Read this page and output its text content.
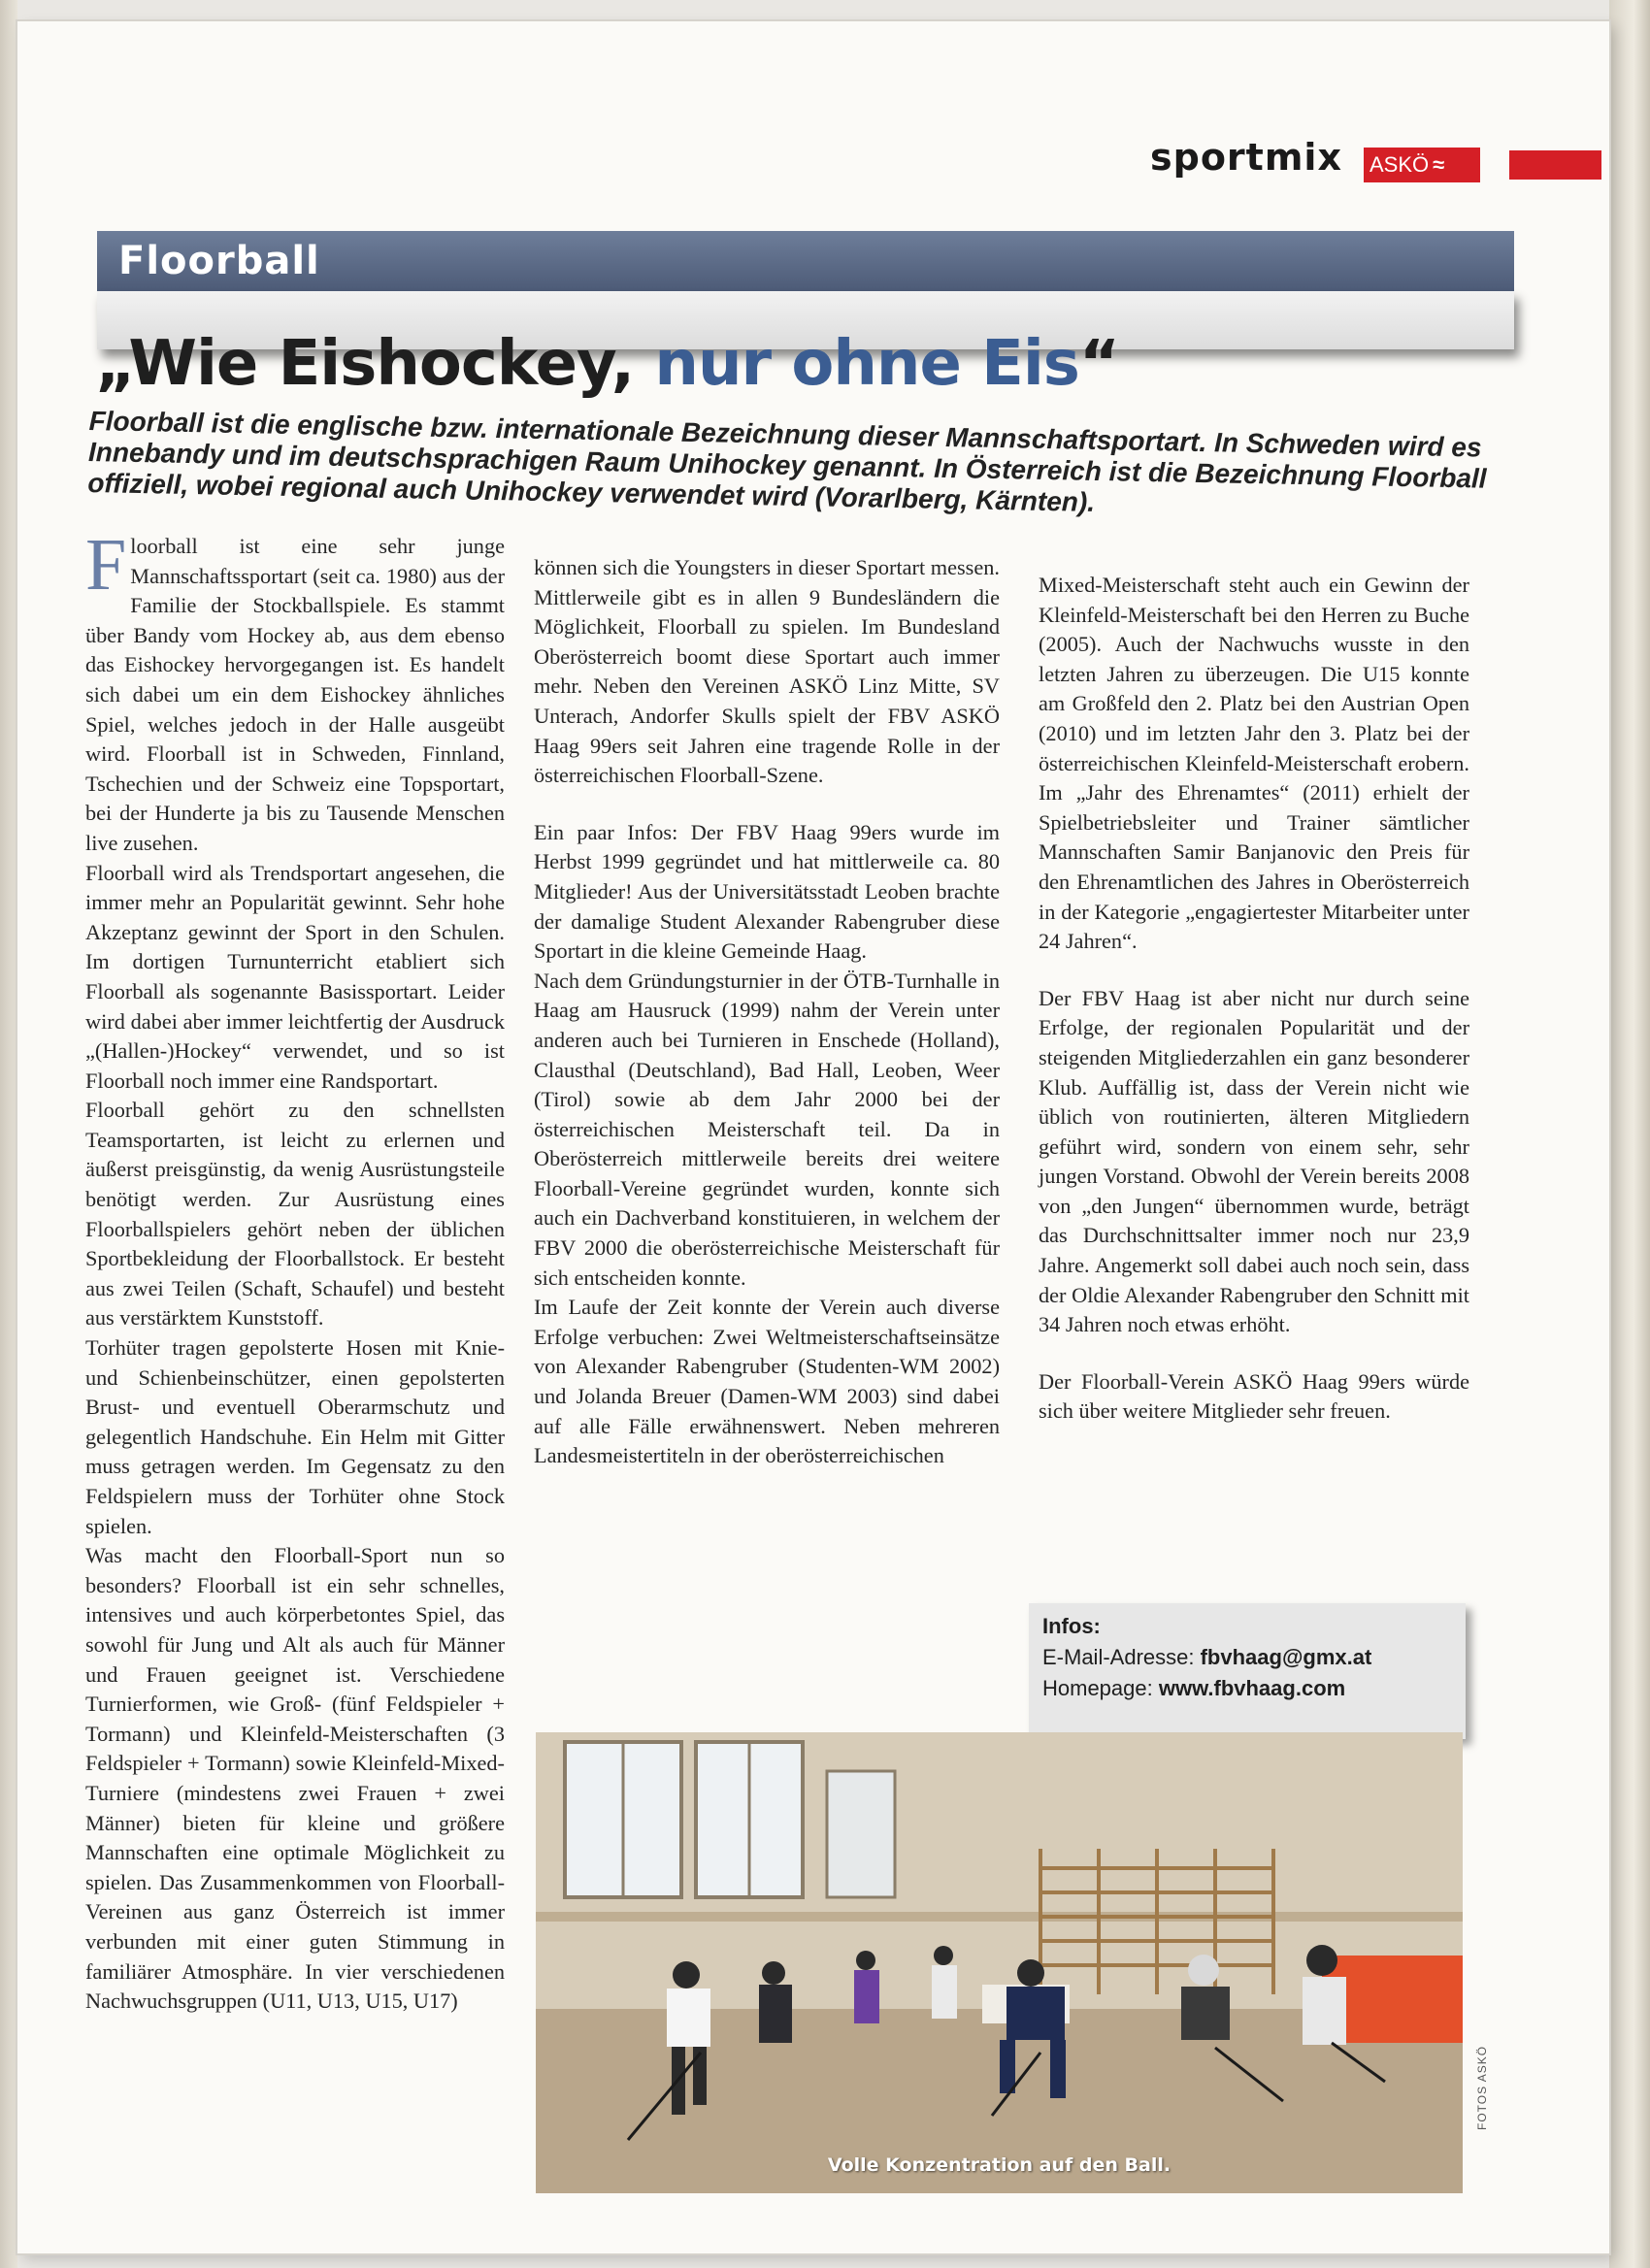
sportmix ASKÖ ≈
Floorball
„Wie Eishockey, nur ohne Eis“
Floorball ist die englische bzw. internationale Bezeichnung dieser Mannschaftsportart. In Schweden wird es Innebandy und im deutschsprachigen Raum Unihockey genannt. In Österreich ist die Bezeichnung Floorball offiziell, wobei regional auch Unihockey verwendet wird (Vorarlberg, Kärnten).

Floorball ist eine sehr junge Mannschaftssportart (seit ca. 1980) aus der Familie der Stockballspiele. Es stammt über Bandy vom Hockey ab, aus dem ebenso das Eishockey hervorgegangen ist. Es handelt sich dabei um ein dem Eishockey ähnliches Spiel, welches jedoch in der Halle ausgeübt wird. Floorball ist in Schweden, Finnland, Tschechien und der Schweiz eine Topsportart, bei der Hunderte ja bis zu Tausende Menschen live zusehen.

Floorball wird als Trendsportart angesehen, die immer mehr an Popularität gewinnt. Sehr hohe Akzeptanz gewinnt der Sport in den Schulen. Im dortigen Turnunterricht etabliert sich Floorball als sogenannte Basissportart. Leider wird dabei aber immer leichtfertig der Ausdruck „(Hallen-)Hockey“ verwendet, und so ist Floorball noch immer eine Randsportart.

Floorball gehört zu den schnellsten Teamsportarten, ist leicht zu erlernen und äußerst preisgünstig, da wenig Ausrüstungsteile benötigt werden. Zur Ausrüstung eines Floorballspielers gehört neben der üblichen Sportbekleidung der Floorballstock. Er besteht aus zwei Teilen (Schaft, Schaufel) und besteht aus verstärktem Kunststoff.

Torhüter tragen gepolsterte Hosen mit Knie- und Schienbeinschützer, einen gepolsterten Brust- und eventuell Oberarmschutz und gelegentlich Handschuhe. Ein Helm mit Gitter muss getragen werden. Im Gegensatz zu den Feldspielern muss der Torhüter ohne Stock spielen.

Was macht den Floorball-Sport nun so besonders? Floorball ist ein sehr schnelles, intensives und auch körperbetontes Spiel, das sowohl für Jung und Alt als auch für Männer und Frauen geeignet ist. Verschiedene Turnierformen, wie Groß- (fünf Feldspieler + Tormann) und Kleinfeld-Meisterschaften (3 Feldspieler + Tormann) sowie Kleinfeld-Mixed-Turniere (mindestens zwei Frauen + zwei Männer) bieten für kleine und größere Mannschaften eine optimale Möglichkeit zu spielen. Das Zusammenkommen von Floorball-Vereinen aus ganz Österreich ist immer verbunden mit einer guten Stimmung in familiärer Atmosphäre. In vier verschiedenen Nachwuchsgruppen (U11, U13, U15, U17)

können sich die Youngsters in dieser Sportart messen.

Mittlerweile gibt es in allen 9 Bundesländern die Möglichkeit, Floorball zu spielen. Im Bundesland Oberösterreich boomt diese Sportart auch immer mehr. Neben den Vereinen ASKÖ Linz Mitte, SV Unterach, Andorfer Skulls spielt der FBV ASKÖ Haag 99ers seit Jahren eine tragende Rolle in der österreichischen Floorball-Szene.

Ein paar Infos: Der FBV Haag 99ers wurde im Herbst 1999 gegründet und hat mittlerweile ca. 80 Mitglieder! Aus der Universitätsstadt Leoben brachte der damalige Student Alexander Rabengruber diese Sportart in die kleine Gemeinde Haag.

Nach dem Gründungsturnier in der ÖTB-Turnhalle in Haag am Hausruck (1999) nahm der Verein unter anderen auch bei Turnieren in Enschede (Holland), Clausthal (Deutschland), Bad Hall, Leoben, Weer (Tirol) sowie ab dem Jahr 2000 bei der österreichischen Meisterschaft teil. Da in Oberösterreich mittlerweile bereits drei weitere Floorball-Vereine gegründet wurden, konnte sich auch ein Dachverband konstituieren, in welchem der FBV 2000 die oberösterreichische Meisterschaft für sich entscheiden konnte.

Im Laufe der Zeit konnte der Verein auch diverse Erfolge verbuchen: Zwei Weltmeisterschaftseinsätze von Alexander Rabengruber (Studenten-WM 2002) und Jolanda Breuer (Damen-WM 2003) sind dabei auf alle Fälle erwähnenswert. Neben mehreren Landesmeistertiteln in der oberösterreichischen

Mixed-Meisterschaft steht auch ein Gewinn der Kleinfeld-Meisterschaft bei den Herren zu Buche (2005). Auch der Nachwuchs wusste in den letzten Jahren zu überzeugen. Die U15 konnte am Großfeld den 2. Platz bei den Austrian Open (2010) und im letzten Jahr den 3. Platz bei der österreichischen Kleinfeld-Meisterschaft erobern. Im „Jahr des Ehrenamtes“ (2011) erhielt der Spielbetriebsleiter und Trainer sämtlicher Mannschaften Samir Banjanovic den Preis für den Ehrenamtlichen des Jahres in Oberösterreich in der Kategorie „engagiertester Mitarbeiter unter 24 Jahren“.

Der FBV Haag ist aber nicht nur durch seine Erfolge, der regionalen Popularität und der steigenden Mitgliederzahlen ein ganz besonderer Klub. Auffällig ist, dass der Verein nicht wie üblich von routinierten, älteren Mitgliedern geführt wird, sondern von einem sehr, sehr jungen Vorstand. Obwohl der Verein bereits 2008 von „den Jungen“ übernommen wurde, beträgt das Durchschnittsalter immer noch nur 23,9 Jahre. Angemerkt soll dabei auch noch sein, dass der Oldie Alexander Rabengruber den Schnitt mit 34 Jahren noch etwas erhöht.

Der Floorball-Verein ASKÖ Haag 99ers würde sich über weitere Mitglieder sehr freuen.

Infos:
E-Mail-Adresse: fbvhaag@gmx.at
Homepage: www.fbvhaag.com
Volle Konzentration auf den Ball.
FOTOS ASKÖ
